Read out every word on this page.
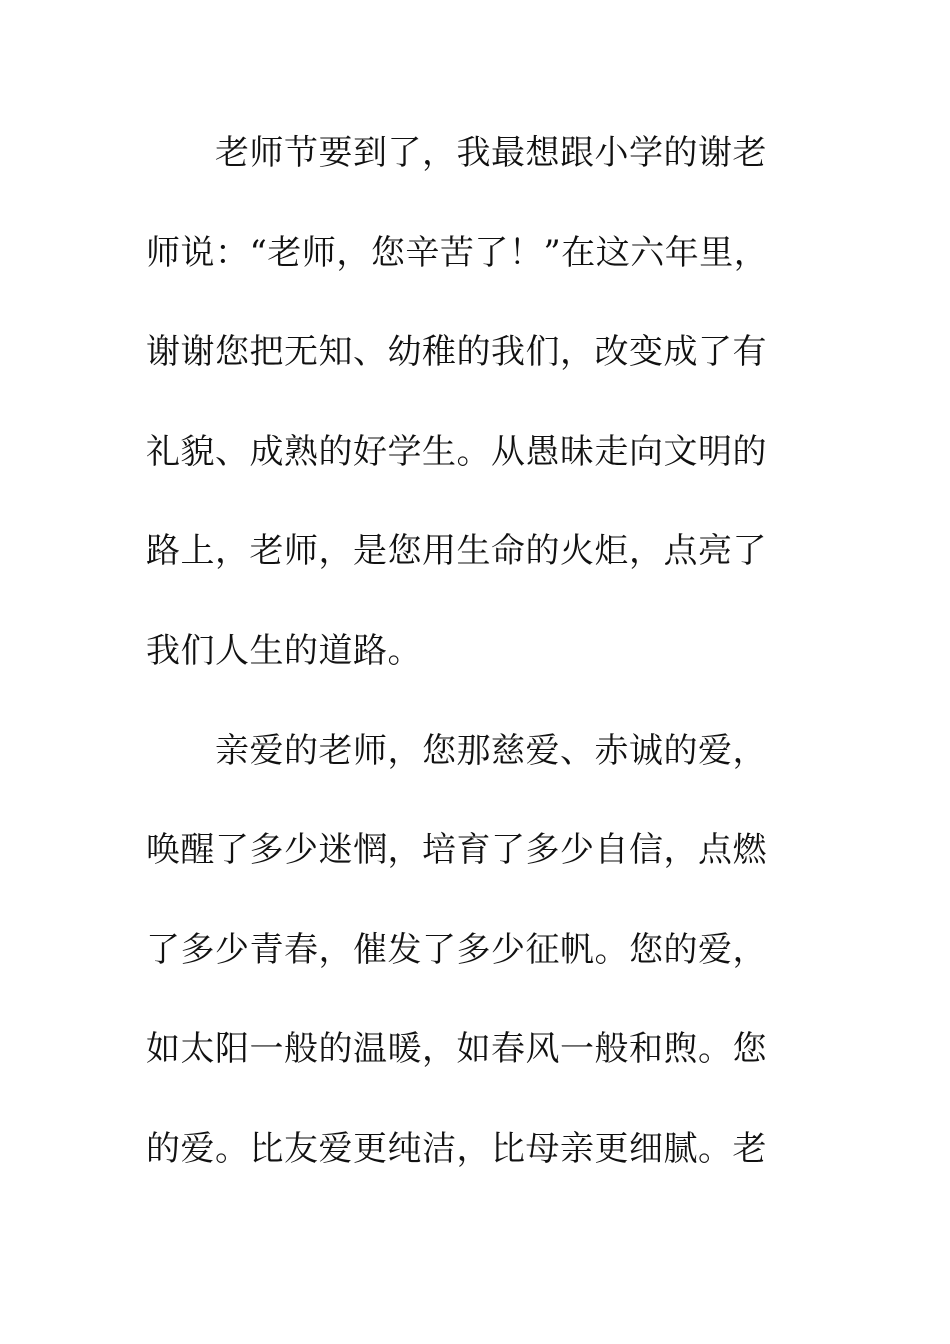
老师节要到了，我最想跟小学的谢老
师说：“老师，您辛苦了！”在这六年里，
谢谢您把无知、幼稚的我们，改变成了有
礼貌、成熟的好学生。从愚昧走向文明的
路上，老师，是您用生命的火炬，点亮了
我们人生的道路。
亲爱的老师，您那慈爱、赤诚的爱，
唤醒了多少迷惘，培育了多少自信，点燃
了多少青春，催发了多少征帆。您的爱，
如太阳一般的温暖，如春风一般和煦。您
的爱。比友爱更纯洁，比母亲更细腻。老
